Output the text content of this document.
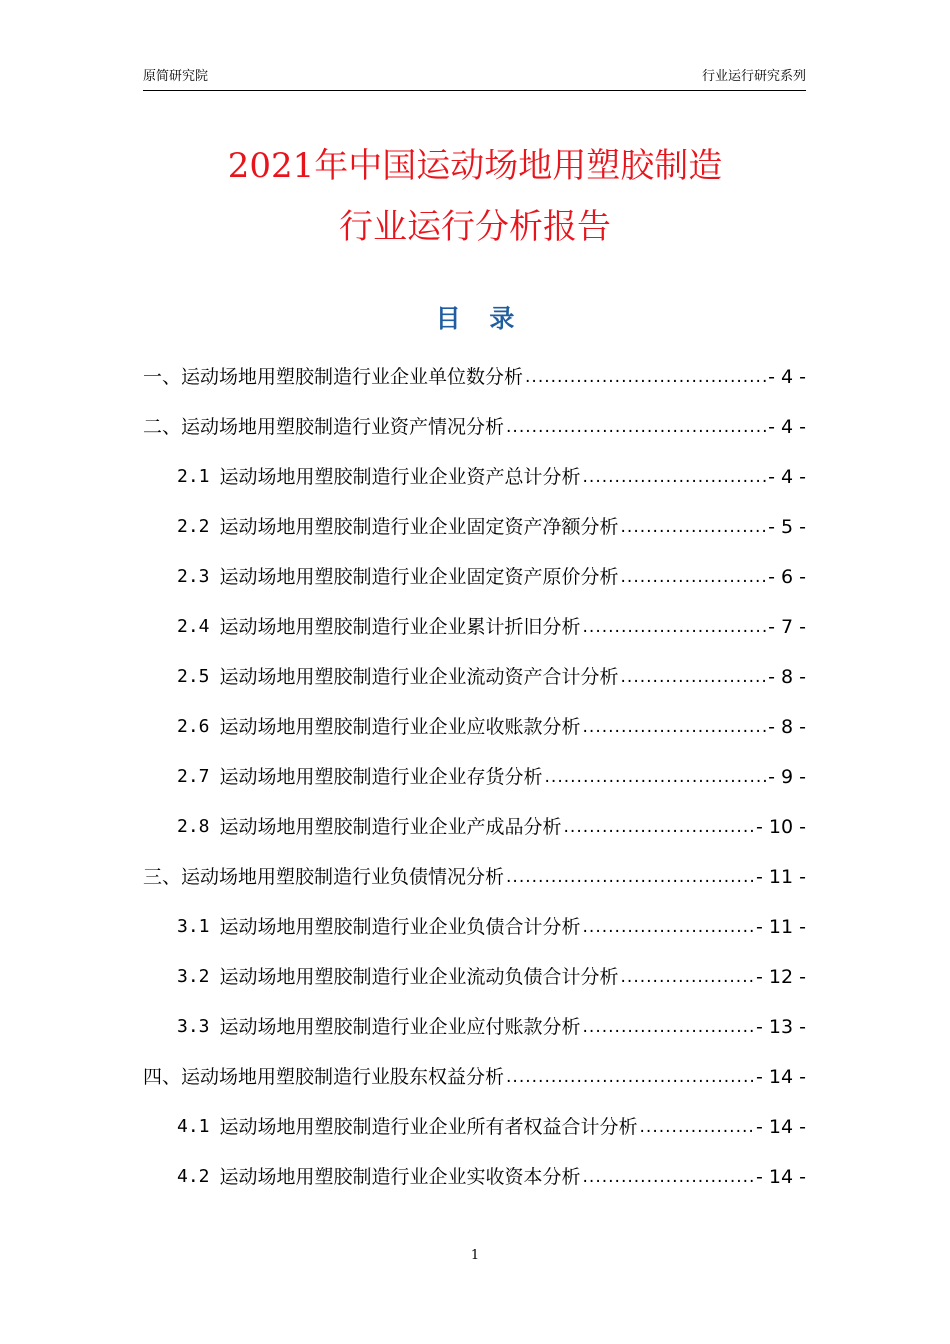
原简研究院	行业运行研究系列
2021年中国运动场地用塑胶制造
行业运行分析报告
目 录
一、运动场地用塑胶制造行业企业单位数分析 .....	- 4 -
二、运动场地用塑胶制造行业资产情况分析 .....	- 4 -
2.1 运动场地用塑胶制造行业企业资产总计分析 .....	- 4 -
2.2 运动场地用塑胶制造行业企业固定资产净额分析 .....	- 5 -
2.3 运动场地用塑胶制造行业企业固定资产原价分析 .....	- 6 -
2.4 运动场地用塑胶制造行业企业累计折旧分析 .....	- 7 -
2.5 运动场地用塑胶制造行业企业流动资产合计分析 .....	- 8 -
2.6 运动场地用塑胶制造行业企业应收账款分析 .....	- 8 -
2.7 运动场地用塑胶制造行业企业存货分析 .....	- 9 -
2.8 运动场地用塑胶制造行业企业产成品分析 .....	- 10 -
三、运动场地用塑胶制造行业负债情况分析 .....	- 11 -
3.1 运动场地用塑胶制造行业企业负债合计分析 .....	- 11 -
3.2 运动场地用塑胶制造行业企业流动负债合计分析 .....	- 12 -
3.3 运动场地用塑胶制造行业企业应付账款分析 .....	- 13 -
四、运动场地用塑胶制造行业股东权益分析 .....	- 14 -
4.1 运动场地用塑胶制造行业企业所有者权益合计分析 .....	- 14 -
4.2 运动场地用塑胶制造行业企业实收资本分析 .....	- 14 -
1
